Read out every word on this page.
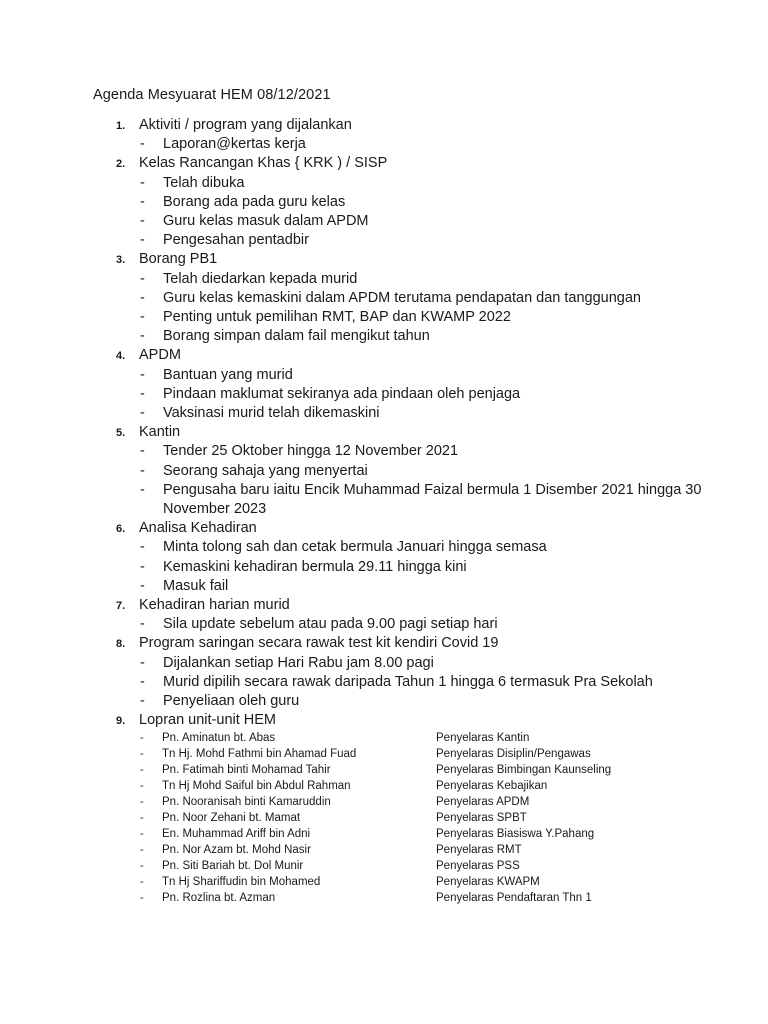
Agenda Mesyuarat HEM 08/12/2021
1. Aktiviti / program yang dijalankan
- Laporan@kertas kerja
2. Kelas Rancangan Khas { KRK ) / SISP
- Telah dibuka
- Borang ada pada guru kelas
- Guru kelas masuk dalam APDM
- Pengesahan pentadbir
3. Borang PB1
- Telah diedarkan kepada murid
- Guru kelas kemaskini dalam APDM terutama pendapatan dan tanggungan
- Penting untuk pemilihan RMT, BAP dan KWAMP 2022
- Borang simpan dalam fail mengikut tahun
4. APDM
- Bantuan yang murid
- Pindaan maklumat sekiranya ada pindaan oleh penjaga
- Vaksinasi murid telah dikemaskini
5. Kantin
- Tender 25 Oktober hingga 12 November 2021
- Seorang sahaja yang menyertai
- Pengusaha baru iaitu Encik Muhammad Faizal bermula 1 Disember 2021 hingga 30 November 2023
6. Analisa Kehadiran
- Minta tolong sah dan cetak bermula Januari hingga semasa
- Kemaskini kehadiran bermula 29.11 hingga kini
- Masuk fail
7. Kehadiran harian murid
- Sila update sebelum atau pada 9.00 pagi setiap hari
8. Program saringan secara rawak test kit kendiri Covid 19
- Dijalankan setiap Hari Rabu jam 8.00 pagi
- Murid dipilih secara rawak daripada Tahun 1 hingga 6 termasuk Pra Sekolah
- Penyeliaan oleh guru
9. Lopran unit-unit HEM
- Pn. Aminatun bt. Abas	Penyelaras Kantin
- Tn Hj. Mohd Fathmi bin Ahamad Fuad	Penyelaras Disiplin/Pengawas
- Pn. Fatimah binti Mohamad Tahir	Penyelaras Bimbingan Kaunseling
- Tn Hj Mohd Saiful bin Abdul Rahman	Penyelaras Kebajikan
- Pn. Nooranisah binti Kamaruddin	Penyelaras APDM
- Pn. Noor Zehani bt. Mamat	Penyelaras SPBT
- En. Muhammad Ariff bin Adni	Penyelaras Biasiswa Y.Pahang
- Pn. Nor Azam bt. Mohd Nasir	Penyelaras RMT
- Pn. Siti Bariah bt. Dol Munir	Penyelaras PSS
- Tn Hj Shariffudin bin Mohamed	Penyelaras KWAPM
- Pn. Rozlina bt. Azman	Penyelaras Pendaftaran Thn 1
